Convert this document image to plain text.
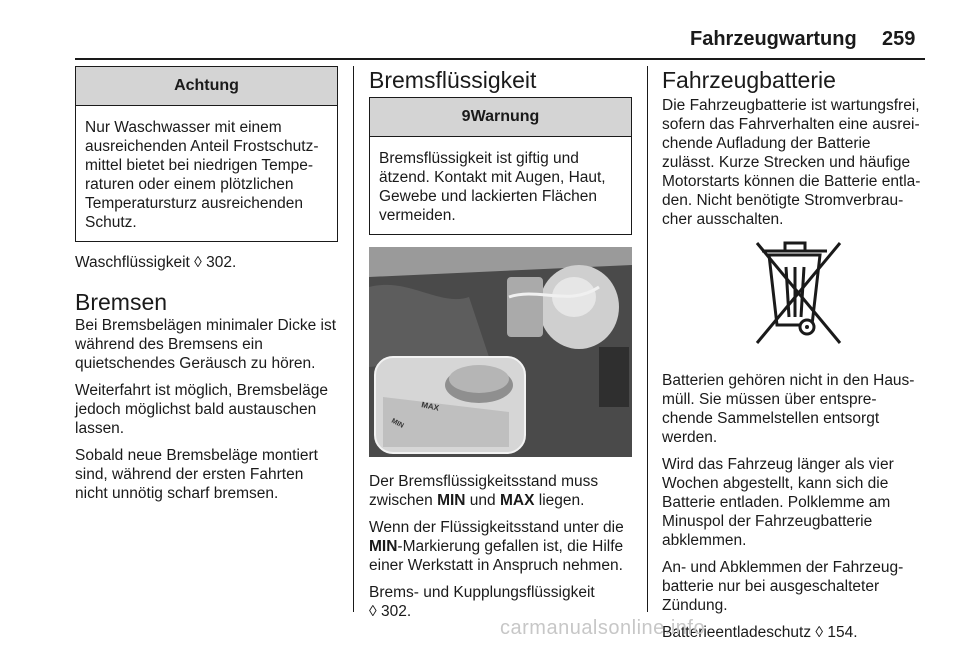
Fahrzeugwartung 259
Achtung
Nur Waschwasser mit einem ausreichenden Anteil Frostschutz-mittel bietet bei niedrigen Tempe-raturen oder einem plötzlichen Temperatursturz ausreichenden Schutz.

Waschflüssigkeit ◊ 302.

Bremsen

Bei Bremsbelägen minimaler Dicke ist während des Bremsens ein quietschendes Geräusch zu hören.

Weiterfahrt ist möglich, Bremsbeläge jedoch möglichst bald austauschen lassen.

Sobald neue Bremsbeläge montiert sind, während der ersten Fahrten nicht unnötig scharf bremsen.

Bremsflüssigkeit
9Warnung
Bremsflüssigkeit ist giftig und ätzend. Kontakt mit Augen, Haut, Gewebe und lackierten Flächen vermeiden.
MAX
MIN

Der Bremsflüssigkeitsstand muss zwischen MIN und MAX liegen.

Wenn der Flüssigkeitsstand unter die MIN-Markierung gefallen ist, die Hilfe einer Werkstatt in Anspruch nehmen.

Brems- und Kupplungsflüssigkeit
◊ 302.

Fahrzeugbatterie

Die Fahrzeugbatterie ist wartungsfrei, sofern das Fahrverhalten eine ausrei-chende Aufladung der Batterie zulässt. Kurze Strecken und häufige Motorstarts können die Batterie entla-den. Nicht benötigte Stromverbrau-cher ausschalten.

Batterien gehören nicht in den Haus-müll. Sie müssen über entspre-chende Sammelstellen entsorgt werden.

Wird das Fahrzeug länger als vier Wochen abgestellt, kann sich die Batterie entladen. Polklemme am Minuspol der Fahrzeugbatterie abklemmen.

An- und Abklemmen der Fahrzeug-batterie nur bei ausgeschalteter Zündung.

Batterieentladeschutz ◊ 154.

carmanualsonline.info
